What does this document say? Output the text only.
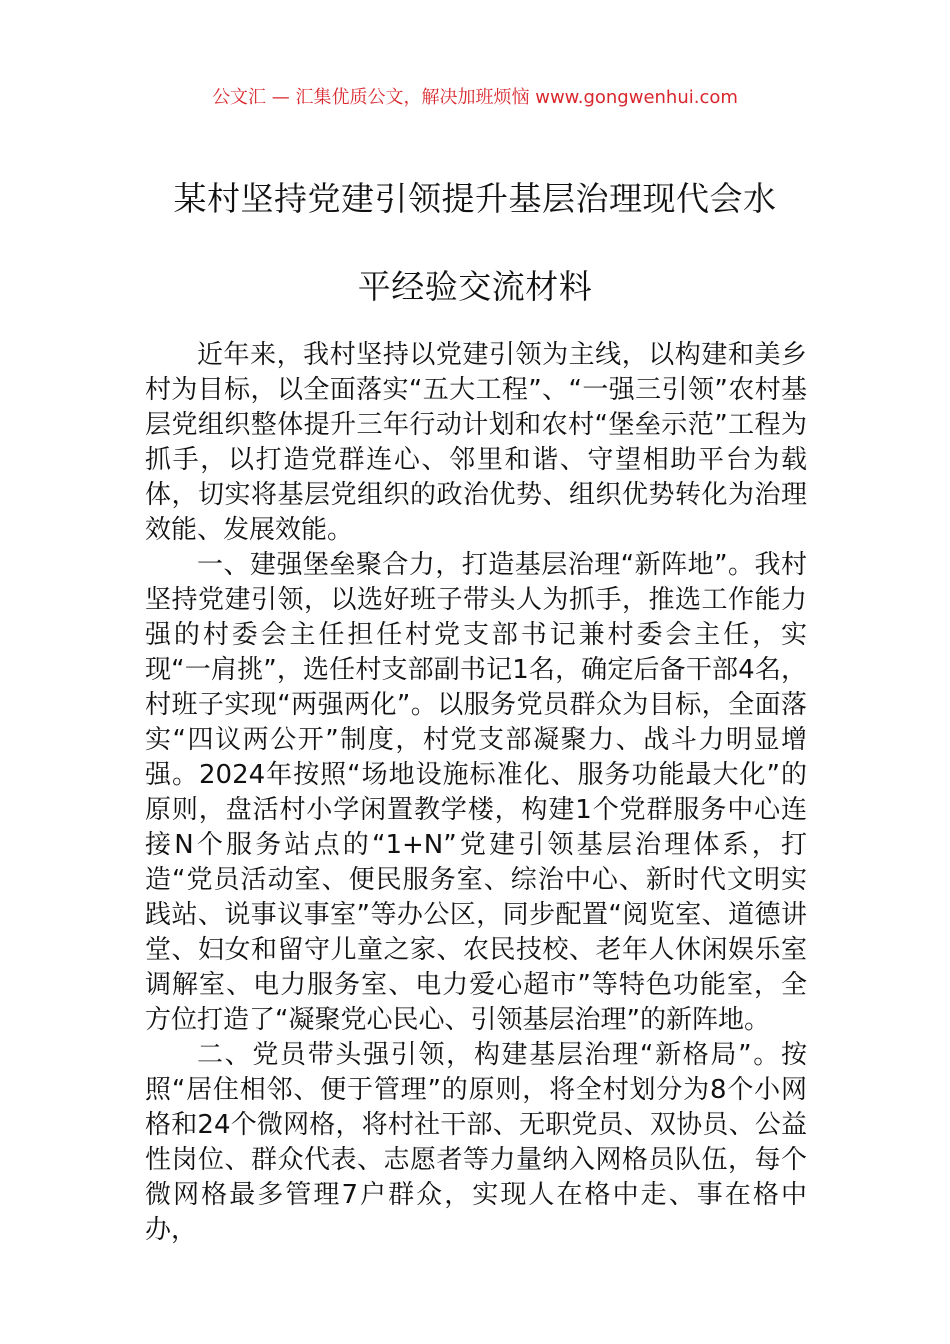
公文汇 — 汇集优质公文，解决加班烦恼 www.gongwenhui.com
某村坚持党建引领提升基层治理现代会水
平经验交流材料

近年来，我村坚持以党建引领为主线，以构建和美乡村为目标，以全面落实“五大工程”、“一强三引领”农村基层党组织整体提升三年行动计划和农村“堡垒示范”工程为抓手，以打造党群连心、邻里和谐、守望相助平台为载体，切实将基层党组织的政治优势、组织优势转化为治理效能、发展效能。

一、建强堡垒聚合力，打造基层治理“新阵地”。我村坚持党建引领，以选好班子带头人为抓手，推选工作能力强的村委会主任担任村党支部书记兼村委会主任，实现“一肩挑”，选任村支部副书记1名，确定后备干部4名，村班子实现“两强两化”。以服务党员群众为目标，全面落实“四议两公开”制度，村党支部凝聚力、战斗力明显增强。2024年按照“场地设施标准化、服务功能最大化”的原则，盘活村小学闲置教学楼，构建1个党群服务中心连接N个服务站点的“1+N”党建引领基层治理体系，打造“党员活动室、便民服务室、综治中心、新时代文明实践站、说事议事室”等办公区，同步配置“阅览室、道德讲堂、妇女和留守儿童之家、农民技校、老年人休闲娱乐室调解室、电力服务室、电力爱心超市”等特色功能室，全方位打造了“凝聚党心民心、引领基层治理”的新阵地。

二、党员带头强引领，构建基层治理“新格局”。按照“居住相邻、便于管理”的原则，将全村划分为8个小网格和24个微网格，将村社干部、无职党员、双协员、公益性岗位、群众代表、志愿者等力量纳入网格员队伍，每个微网格最多管理7户群众，实现人在格中走、事在格中办，
